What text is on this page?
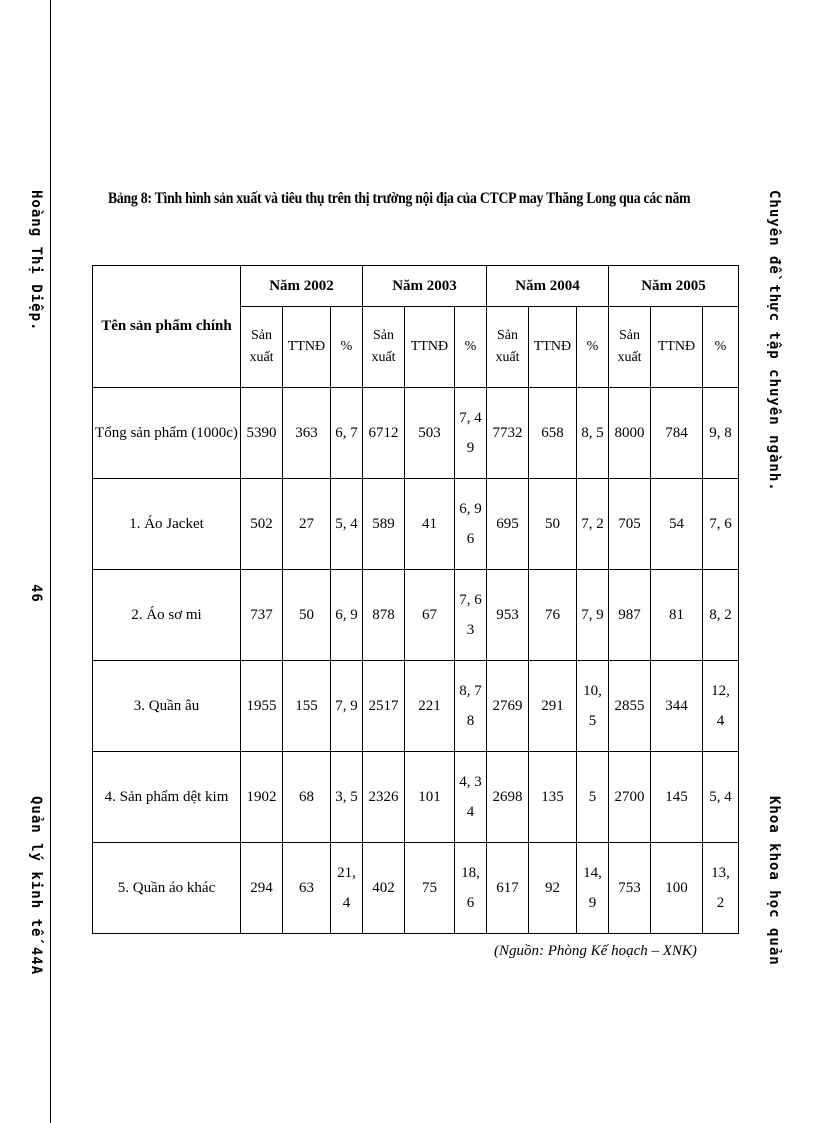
Hoàng Thị Diệp.
46
Quản lý kinh tế 44A
Chuyên đề thực tập chuyên ngành.
Khoa khoa học quản
Bảng 8: Tình hình sản xuất và tiêu thụ trên thị trường nội địa của CTCP may Thăng Long qua các năm
Tên sản phẩm chính	Năm 2002			Năm 2003			Năm 2004			Năm 2005		
	Sản xuất	TTNĐ	%	Sản xuất	TTNĐ	%	Sản xuất	TTNĐ	%	Sản xuất	TTNĐ	%
Tổng sản phẩm (1000c)	5390	363	6, 7	6712	503	7, 49	7732	658	8, 5	8000	784	9, 8
1. Áo Jacket	502	27	5, 4	589	41	6, 96	695	50	7, 2	705	54	7, 6
2. Áo sơ mi	737	50	6, 9	878	67	7, 63	953	76	7, 9	987	81	8, 2
3. Quần âu	1955	155	7, 9	2517	221	8, 78	2769	291	10, 5	2855	344	12, 4
4. Sản phẩm dệt kim	1902	68	3, 5	2326	101	4, 34	2698	135	5	2700	145	5, 4
5. Quần áo khác	294	63	21, 4	402	75	18, 6	617	92	14, 9	753	100	13, 2
(Nguồn: Phòng Kế hoạch – XNK)
